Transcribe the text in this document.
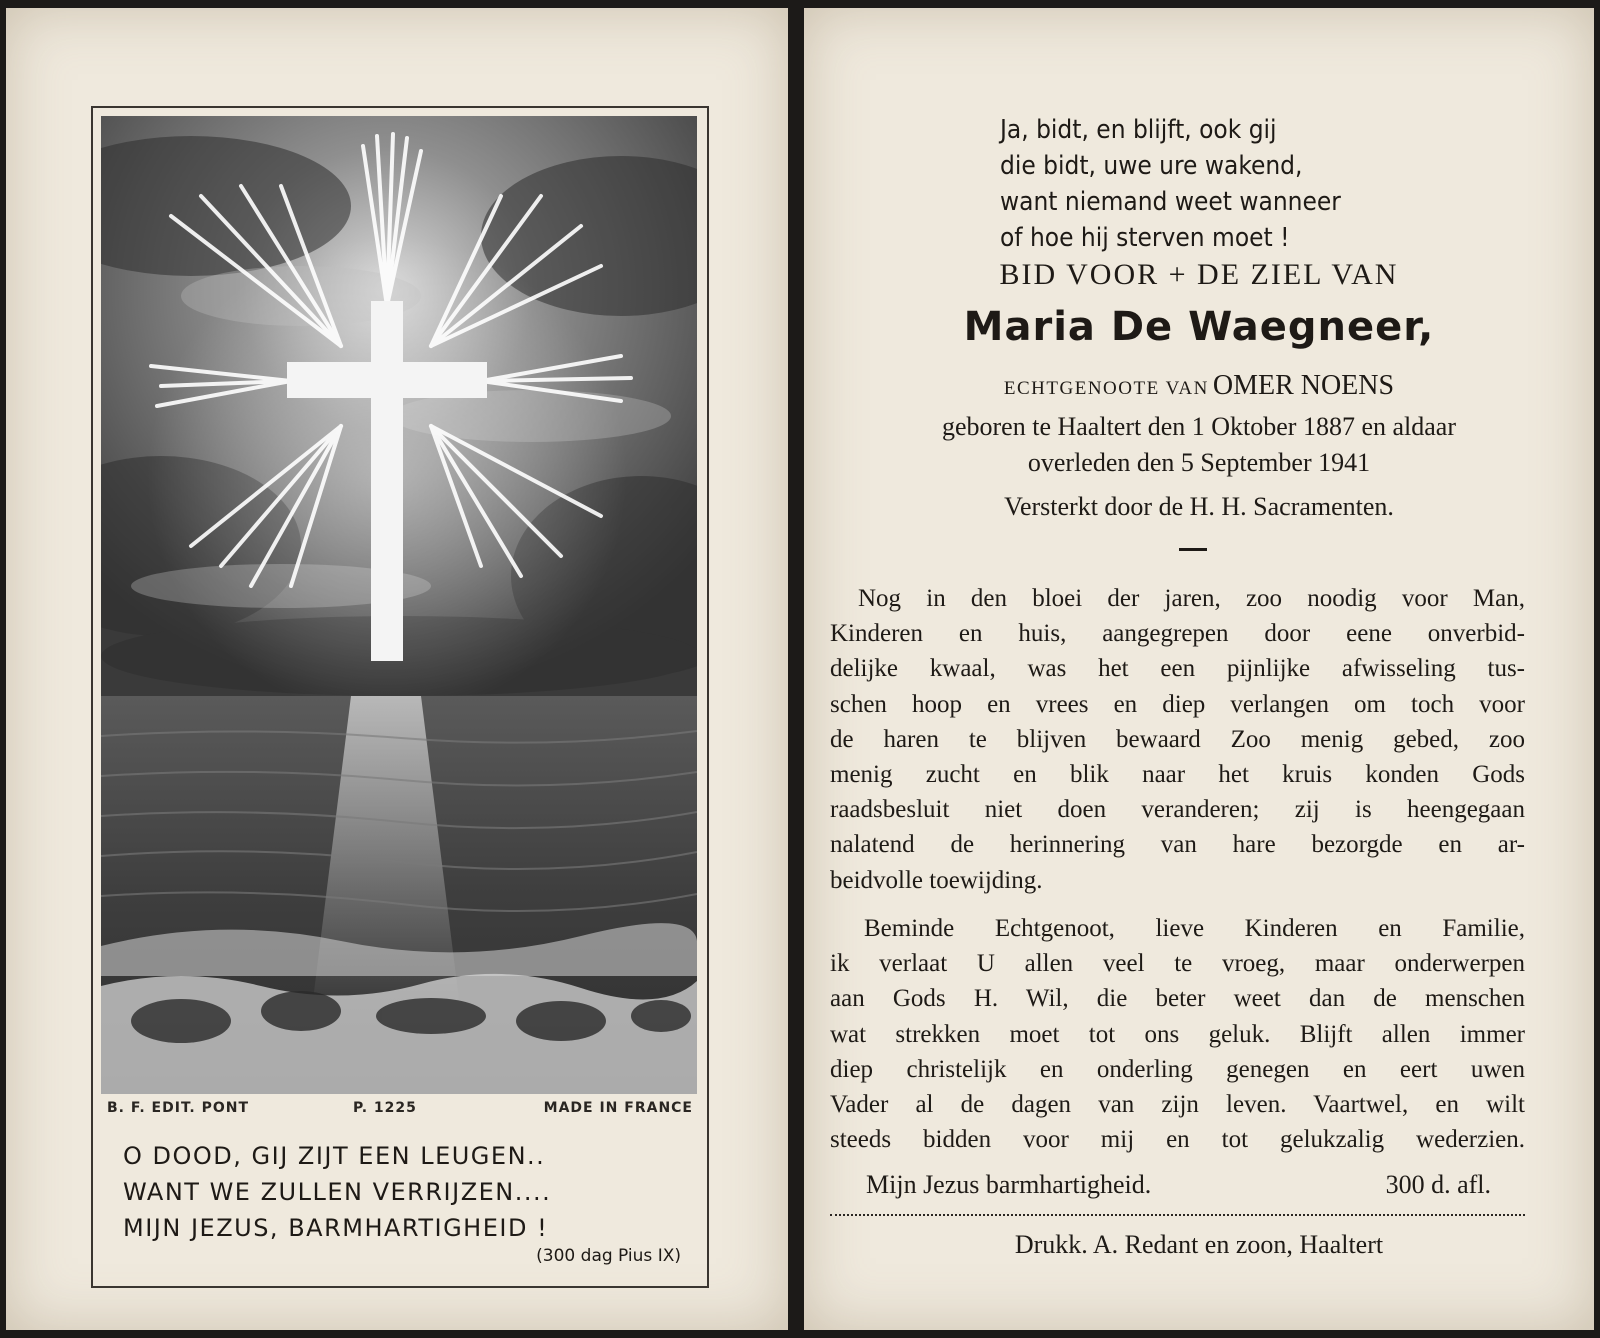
B. F. EDIT. PONT	P. 1225	MADE IN FRANCE
O DOOD, GIJ ZIJT EEN LEUGEN..
WANT WE ZULLEN VERRIJZEN....
MIJN JEZUS, BARMHARTIGHEID !
(300 dag Pius IX)
Ja, bidt, en blijft, ook gij
die bidt, uwe ure wakend,
want niemand weet wanneer
of hoe hij sterven moet !
BID VOOR + DE ZIEL VAN
Maria De Waegneer,
ECHTGENOOTE VAN OMER NOENS
geboren te Haaltert den 1 Oktober 1887 en aldaar
overleden den 5 September 1941
Versterkt door de H. H. Sacramenten.
Nog in den bloei der jaren, zoo noodig voor Man,
Kinderen en huis, aangegrepen door eene onverbid-
delijke kwaal, was het een pijnlijke afwisseling tus-
schen hoop en vrees en diep verlangen om toch voor
de haren te blijven bewaard Zoo menig gebed, zoo
menig zucht en blik naar het kruis konden Gods
raadsbesluit niet doen veranderen; zij is heengegaan
nalatend de herinnering van hare bezorgde en ar-
beidvolle toewijding.
Beminde Echtgenoot, lieve Kinderen en Familie,
ik verlaat U allen veel te vroeg, maar onderwerpen
aan Gods H. Wil, die beter weet dan de menschen
wat strekken moet tot ons geluk. Blijft allen immer
diep christelijk en onderling genegen en eert uwen
Vader al de dagen van zijn leven. Vaartwel, en wilt
steeds bidden voor mij en tot gelukzalig wederzien.
Mijn Jezus barmhartigheid.	300 d. afl.
Drukk. A. Redant en zoon, Haaltert
